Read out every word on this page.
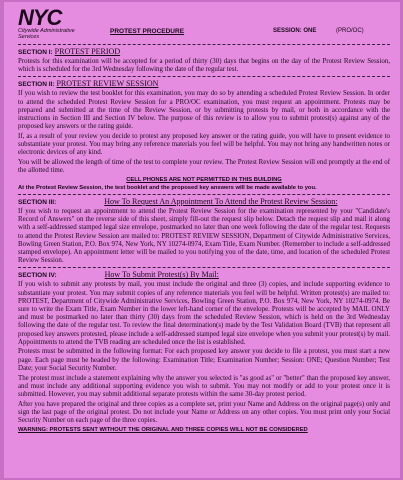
NYC
Citywide Administrative
Services
PROTEST PROCEDURE	SESSION: ONE	(PRO/OC)
SECTION I: PROTEST PERIOD

Protests for this examination will be accepted for a period of thirty (30) days that begins on the day of the Protest Review Session, which is scheduled for the 3rd Wednesday following the date of the regular test.

SECTION II: PROTEST REVIEW SESSION

If you wish to review the test booklet for this examination, you may do so by attending a scheduled Protest Review Session. In order to attend the scheduled Protest Review Session for a PRO/OC examination, you must request an appointment. Protests may be prepared and submitted at the time of the Review Session, or by submitting protests by mail, or both in accordance with the instructions in Section III and Section IV below. The purpose of this review is to allow you to submit protest(s) against any of the proposed key answers or the rating guide.

If, as a result of your review you decide to protest any proposed key answer or the rating guide, you will have to present evidence to substantiate your protest. You may bring any reference materials you feel will be helpful. You may not bring any handwritten notes or electronic devices of any kind.

You will be allowed the length of time of the test to complete your review. The Protest Review Session will end promptly at the end of the allotted time.

CELL PHONES ARE NOT PERMITTED IN THIS BUILDING
At the Protest Review Session, the test booklet and the proposed key answers will be made available to you.
SECTION III:	How To Request An Appointment To Attend the Protest Review Session:

If you wish to request an appointment to attend the Protest Review Session for the examination represented by your "Candidate's Record of Answers" on the reverse side of this sheet, simply fill-out the request slip below. Detach the request slip and mail it along with a self-addressed stamped legal size envelope, postmarked no later than one week following the date of the regular test. Requests to attend the Protest Review Session are mailed to: PROTEST REVIEW SESSION, Department of Citywide Administrative Services, Bowling Green Station, P.O. Box 974, New York, NY 10274-0974, Exam Title, Exam Number. (Remember to include a self-addressed stamped envelope). An appointment letter will be mailed to you notifying you of the date, time, and location of the scheduled Protest Review Session.

SECTION IV:	How To Submit Protest(s) By Mail:

If you wish to submit any protests by mail, you must include the original and three (3) copies, and include supporting evidence to substantiate your protest. You may submit copies of any reference materials you feel will be helpful. Written protest(s) are mailed to: PROTEST, Department of Citywide Administrative Services, Bowling Green Station, P.O. Box 974, New York, NY 10274-0974. Be sure to write the Exam Title, Exam Number in the lower left-hand corner of the envelope. Protests will be accepted by MAIL ONLY and must be postmarked no later than thirty (30) days from the scheduled Review Session, which is held on the 3rd Wednesday following the date of the regular test. To review the final determination(s) made by the Test Validation Board (TVB) that represent all proposed key answers protested, please include a self-addressed stamped legal size envelope when you submit your protest(s) by mail. Appointments to attend the TVB reading are scheduled once the list is established.

Protests must be submitted in the following format: For each proposed key answer you decide to file a protest, you must start a new page. Each page must be headed by the following: Examination Title; Examination Number; Session: ONE; Question Number; Test Date; your Social Security Number.

The protest must include a statement explaining why the answer you selected is "as good as" or "better" than the proposed key answer, and must include any additional supporting evidence you wish to submit. You may not modify or add to your protest once it is submitted. However, you may submit additional separate protests within the same 30-day protest period.

After you have prepared the original and three copies as a complete set, print your Name and Address on the original page(s) only and sign the last page of the original protest. Do not include your Name or Address on any other copies. You must print only your Social Security Number on each page of the three copies.

WARNING: PROTESTS SENT WITHOUT THE ORIGINAL AND THREE COPIES WILL NOT BE CONSIDERED
